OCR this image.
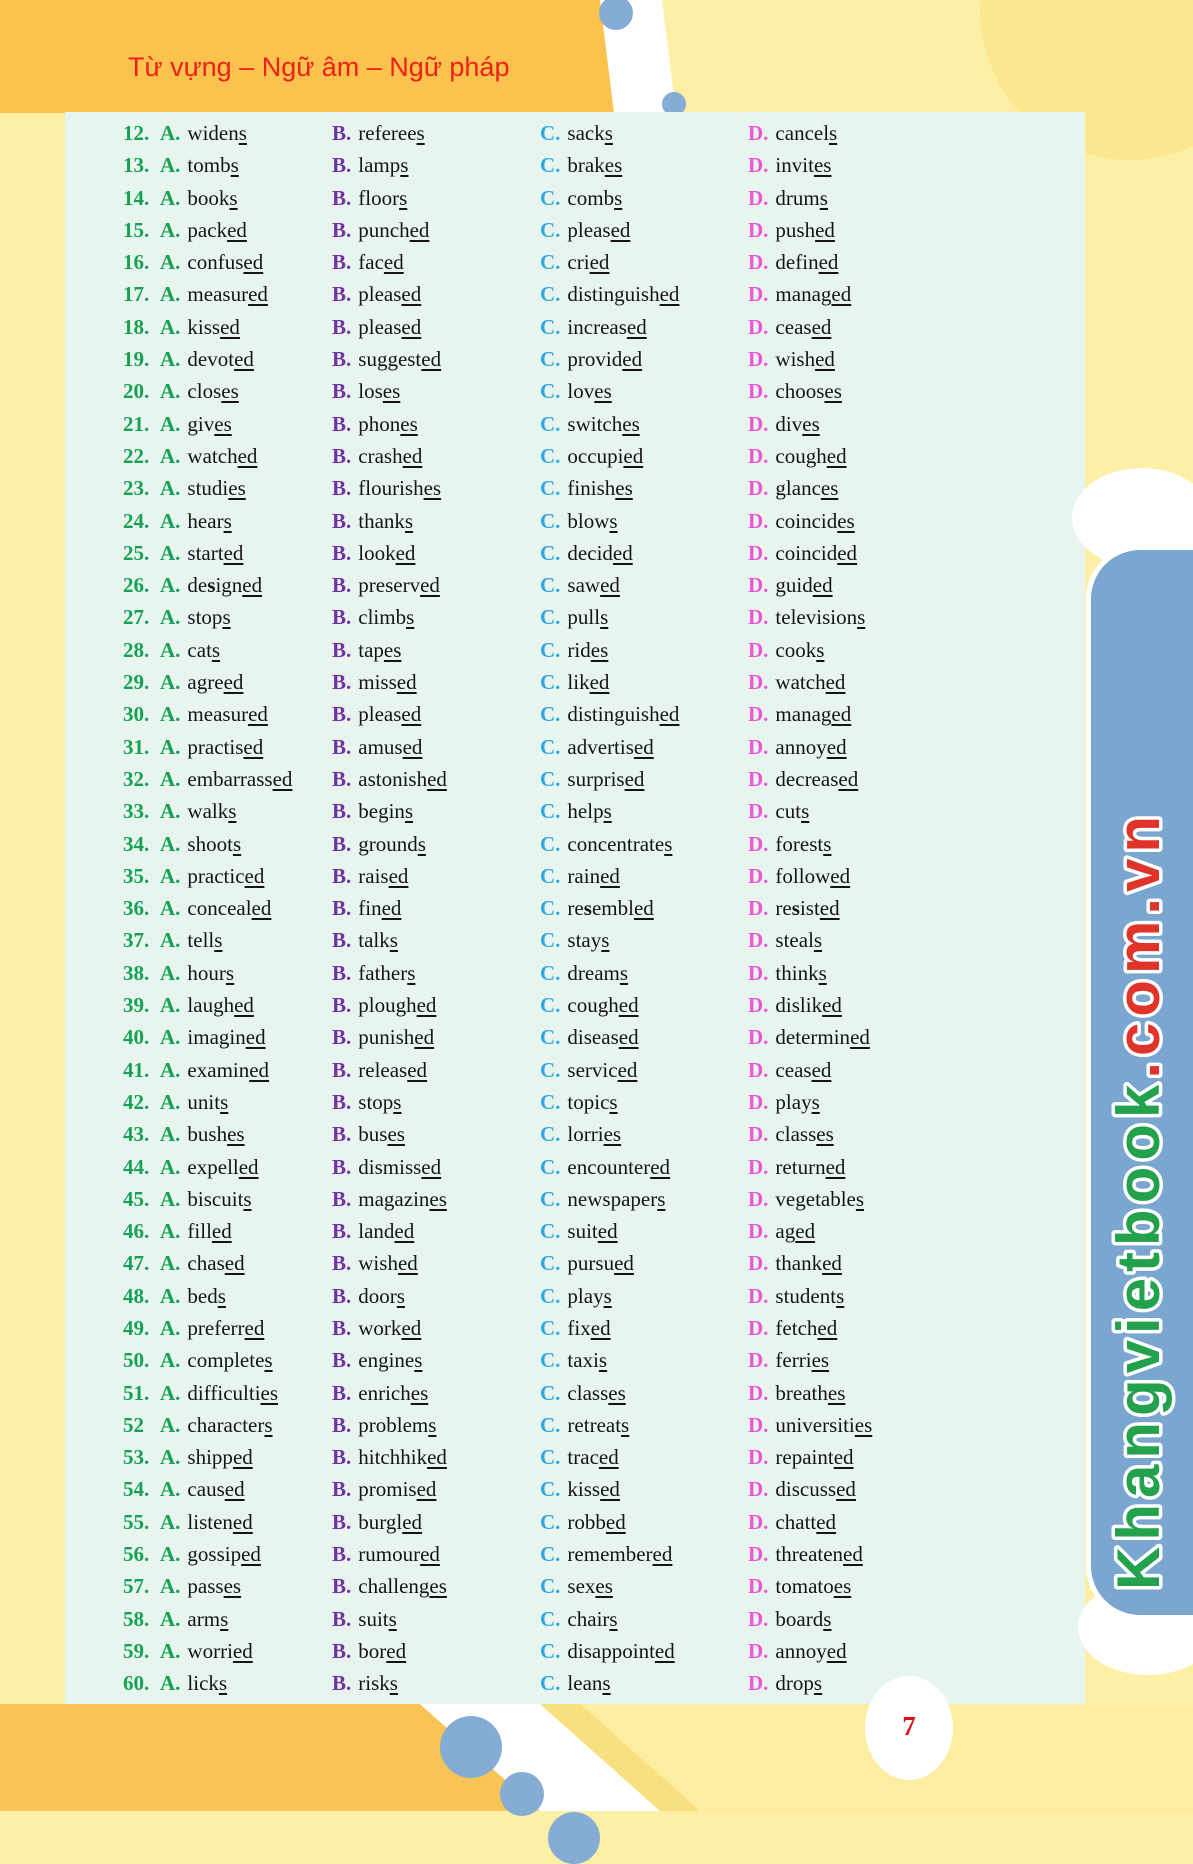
Từ vựng – Ngữ âm – Ngữ pháp
12. A. widens	B. referees	C. sacks	D. cancels
13. A. tombs	B. lamps	C. brakes	D. invites
14. A. books	B. floors	C. combs	D. drums
15. A. packed	B. punched	C. pleased	D. pushed
16. A. confused	B. faced	C. cried	D. defined
17. A. measured	B. pleased	C. distinguished	D. managed
18. A. kissed	B. pleased	C. increased	D. ceased
19. A. devoted	B. suggested	C. provided	D. wished
20. A. closes	B. loses	C. loves	D. chooses
21. A. gives	B. phones	C. switches	D. dives
22. A. watched	B. crashed	C. occupied	D. coughed
23. A. studies	B. flourishes	C. finishes	D. glances
24. A. hears	B. thanks	C. blows	D. coincides
25. A. started	B. looked	C. decided	D. coincided
26. A. designed	B. preserved	C. sawed	D. guided
27. A. stops	B. climbs	C. pulls	D. televisions
28. A. cats	B. tapes	C. rides	D. cooks
29. A. agreed	B. missed	C. liked	D. watched
30. A. measured	B. pleased	C. distinguished	D. managed
31. A. practised	B. amused	C. advertised	D. annoyed
32. A. embarrassed B. astonished	C. surprised	D. decreased
33. A. walks	B. begins	C. helps	D. cuts
34. A. shoots	B. grounds	C. concentrates	D. forests
35. A. practiced	B. raised	C. rained	D. followed
36. A. concealed	B. fined	C. resembled	D. resisted
37. A. tells	B. talks	C. stays	D. steals
38. A. hours	B. fathers	C. dreams	D. thinks
39. A. laughed	B. ploughed	C. coughed	D. disliked
40. A. imagined	B. punished	C. diseased	D. determined
41. A. examined	B. released	C. serviced	D. ceased
42. A. units	B. stops	C. topics	D. plays
43. A. bushes	B. buses	C. lorries	D. classes
44. A. expelled	B. dismissed	C. encountered	D. returned
45. A. biscuits	B. magazines	C. newspapers	D. vegetables
46. A. filled	B. landed	C. suited	D. aged
47. A. chased	B. wished	C. pursued	D. thanked
48. A. beds	B. doors	C. plays	D. students
49. A. preferred	B. worked	C. fixed	D. fetched
50. A. completes	B. engines	C. taxis	D. ferries
51. A. difficulties	B. enriches	C. classes	D. breathes
52 A. characters	B. problems	C. retreats	D. universities
53. A. shipped	B. hitchhiked	C. traced	D. repainted
54. A. caused	B. promised	C. kissed	D. discussed
55. A. listened	B. burgled	C. robbed	D. chatted
56. A. gossiped	B. rumoured	C. remembered	D. threatened
57. A. passes	B. challenges	C. sexes	D. tomatoes
58. A. arms	B. suits	C. chairs	D. boards
59. A. worried	B. bored	C. disappointed	D. annoyed
60. A. licks	B. risks	C. leans	D. drops
Khangvietbook.com.vn
7
